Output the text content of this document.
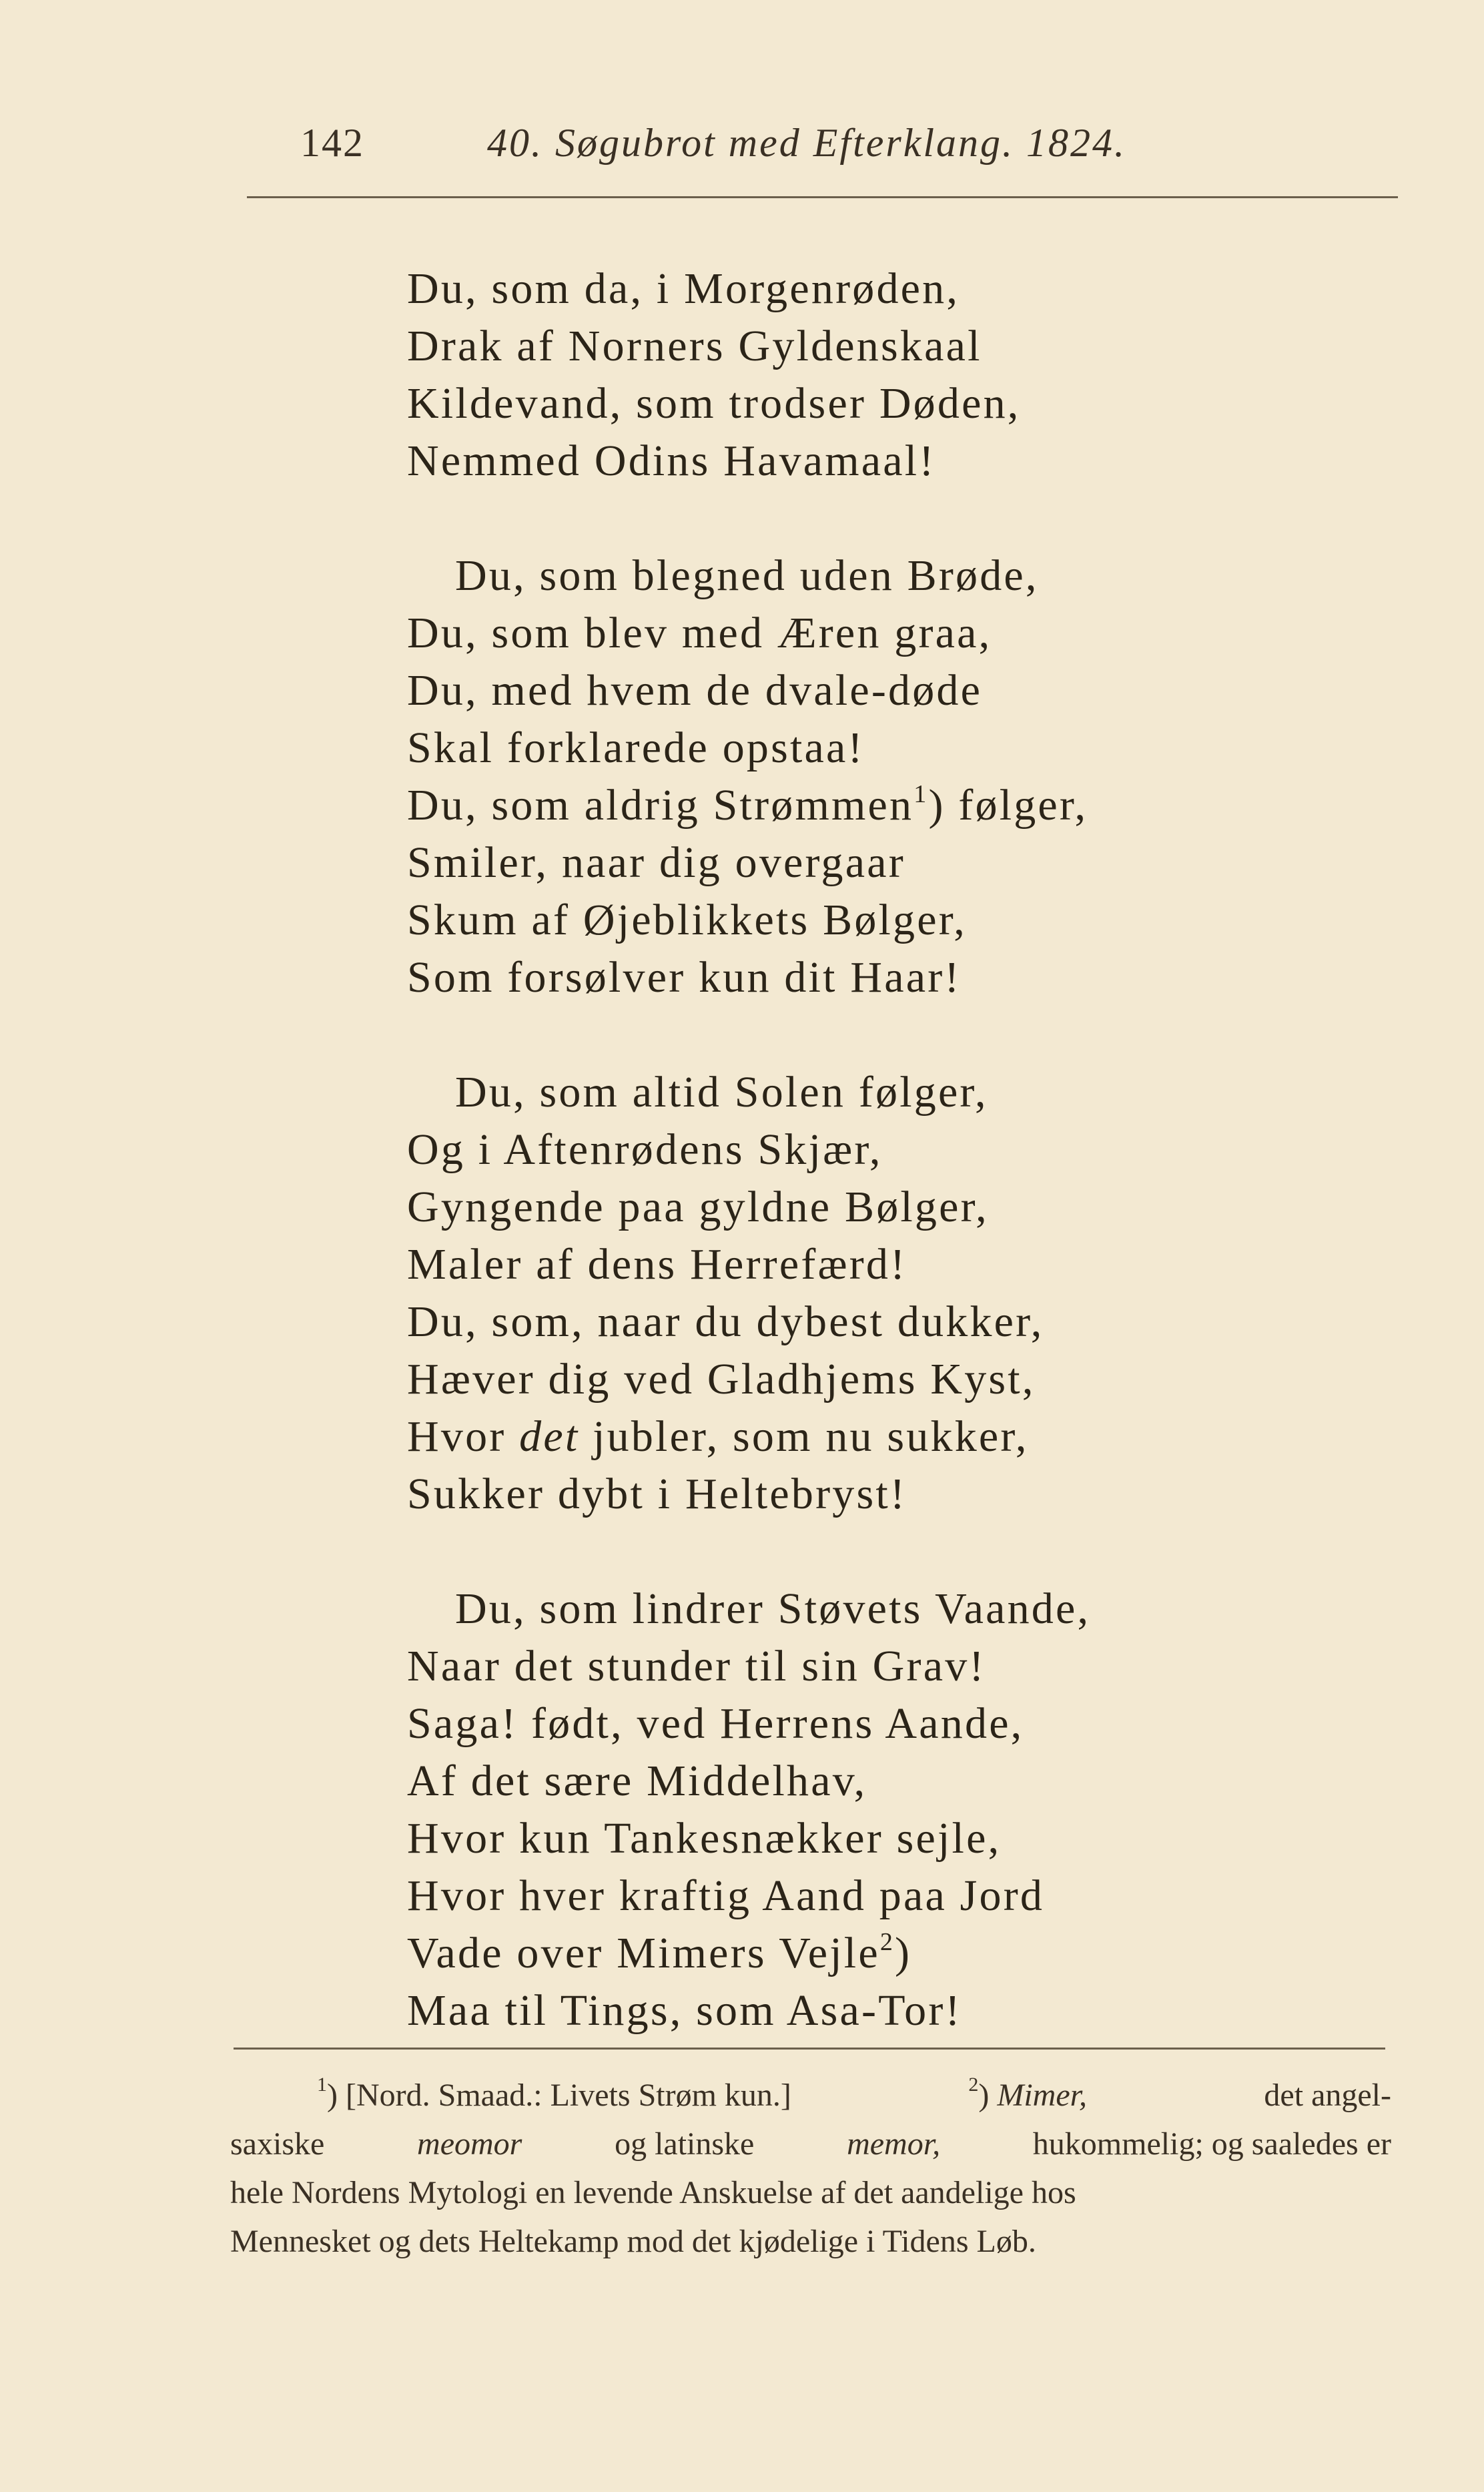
142	40. Søgubrot med Efterklang. 1824.
Du, som da, i Morgenrøden,
Drak af Norners Gyldenskaal
Kildevand, som trodser Døden,
Nemmed Odins Havamaal!
Du, som blegned uden Brøde,
Du, som blev med Æren graa,
Du, med hvem de dvale-døde
Skal forklarede opstaa!
Du, som aldrig Strømmen$^1$) følger,
Smiler, naar dig overgaar
Skum af Øjeblikkets Bølger,
Som forsølver kun dit Haar!
Du, som altid Solen følger,
Og i Aftenrødens Skjær,
Gyngende paa gyldne Bølger,
Maler af dens Herrefærd!
Du, som, naar du dybest dukker,
Hæver dig ved Gladhjems Kyst,
Hvor det jubler, som nu sukker,
Sukker dybt i Heltebryst!
Du, som lindrer Støvets Vaande,
Naar det stunder til sin Grav!
Saga! født, ved Herrens Aande,
Af det sære Middelhav,
Hvor kun Tankesnækker sejle,
Hvor hver kraftig Aand paa Jord
Vade over Mimers Vejle$^2$)
Maa til Tings, som Asa-Tor!
$^1$) [Nord. Smaad.: Livets Strøm kun.]	$^2$) Mimer,	det angel-
saxiske	meomor	og latinske	memor,	hukommelig; og saaledes er
hele Nordens Mytologi en levende Anskuelse af det aandelige hos
Mennesket og dets Heltekamp mod det kjødelige i Tidens Løb.
